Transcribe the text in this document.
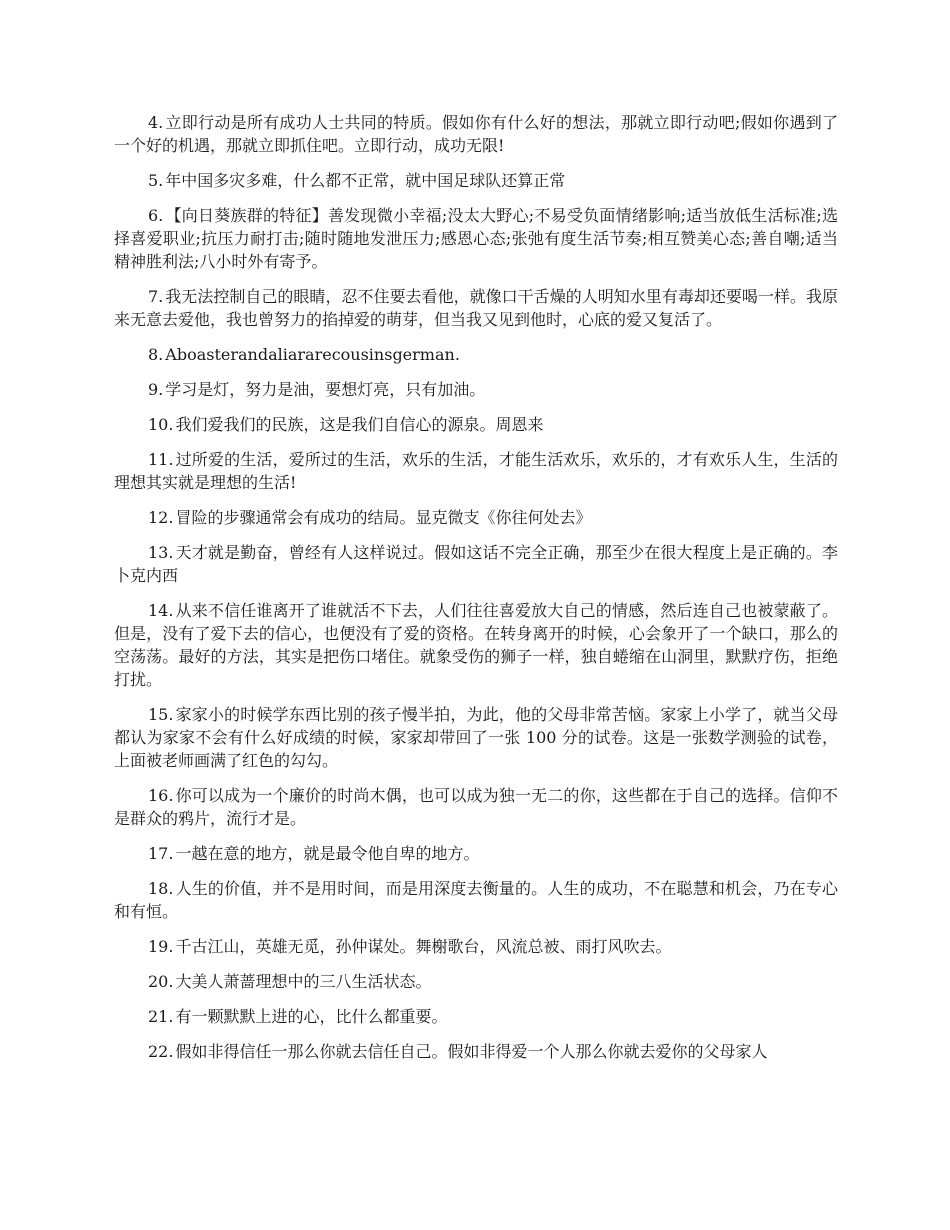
4. 立即行动是所有成功人士共同的特质。假如你有什么好的想法，那就立即行动吧;假如你遇到了一个好的机遇，那就立即抓住吧。立即行动，成功无限!

5. 年中国多灾多难，什么都不正常，就中国足球队还算正常

6. 【向日葵族群的特征】善发现微小幸福;没太大野心;不易受负面情绪影响;适当放低生活标准;选择喜爱职业;抗压力耐打击;随时随地发泄压力;感恩心态;张弛有度生活节奏;相互赞美心态;善自嘲;适当精神胜利法;八小时外有寄予。

7. 我无法控制自己的眼睛，忍不住要去看他，就像口干舌燥的人明知水里有毒却还要喝一样。我原来无意去爱他，我也曾努力的掐掉爱的萌芽，但当我又见到他时，心底的爱又复活了。

8. Aboasterandaliararecousinsgerman.

9. 学习是灯，努力是油，要想灯亮，只有加油。

10. 我们爱我们的民族，这是我们自信心的源泉。周恩来

11. 过所爱的生活，爱所过的生活，欢乐的生活，才能生活欢乐，欢乐的，才有欢乐人生，生活的理想其实就是理想的生活!

12. 冒险的步骤通常会有成功的结局。显克微支《你往何处去》

13. 天才就是勤奋，曾经有人这样说过。假如这话不完全正确，那至少在很大程度上是正确的。李卜克内西

14. 从来不信任谁离开了谁就活不下去，人们往往喜爱放大自己的情感，然后连自己也被蒙蔽了。但是，没有了爱下去的信心，也便没有了爱的资格。在转身离开的时候，心会象开了一个缺口，那么的空荡荡。最好的方法，其实是把伤口堵住。就象受伤的狮子一样，独自蜷缩在山洞里，默默疗伤，拒绝打扰。

15. 家家小的时候学东西比别的孩子慢半拍，为此，他的父母非常苦恼。家家上小学了，就当父母都认为家家不会有什么好成绩的时候，家家却带回了一张 100 分的试卷。这是一张数学测验的试卷，上面被老师画满了红色的勾勾。

16. 你可以成为一个廉价的时尚木偶，也可以成为独一无二的你，这些都在于自己的选择。信仰不是群众的鸦片，流行才是。

17. 一越在意的地方，就是最令他自卑的地方。

18. 人生的价值，并不是用时间，而是用深度去衡量的。人生的成功，不在聪慧和机会，乃在专心和有恒。

19. 千古江山，英雄无觅，孙仲谋处。舞榭歌台，风流总被、雨打风吹去。

20. 大美人萧蔷理想中的三八生活状态。

21. 有一颗默默上进的心，比什么都重要。

22. 假如非得信任一那么你就去信任自己。假如非得爱一个人那么你就去爱你的父母家人
